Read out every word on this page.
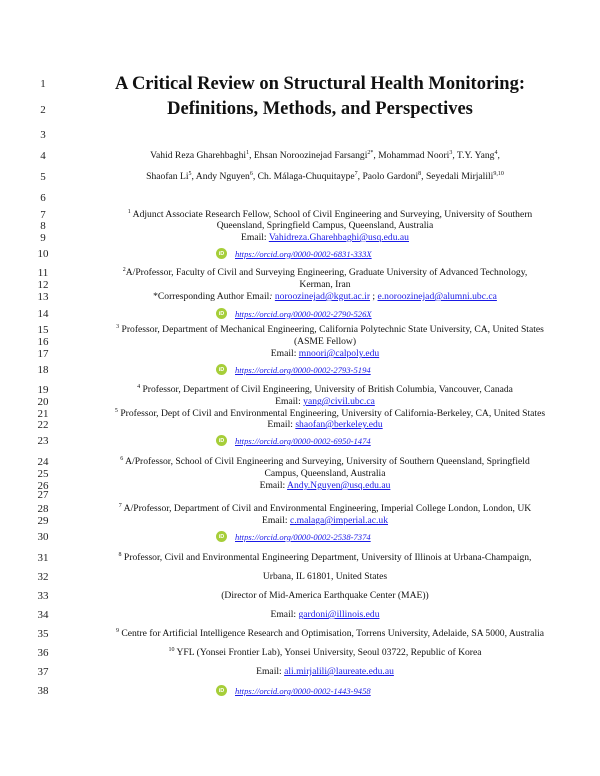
1
2
3
4
5
6
7
8
9
10
11
12
13
14
15
16
17
18
19
20
21
22
23
24
25
26
27
28
29
30
31
32
33
34
35
36
37
38
A Critical Review on Structural Health Monitoring:
Definitions, Methods, and Perspectives
Vahid Reza Gharehbaghi$^1$, Ehsan Noroozinejad Farsangi$^{2*}$, Mohammad Noori$^3$, T.Y. Yang$^4$,
Shaofan Li$^5$, Andy Nguyen$^6$, Ch. Málaga-Chuquitaype$^7$, Paolo Gardoni$^8$, Seyedali Mirjalili$^{9,10}$
$^1$ Adjunct Associate Research Fellow, School of Civil Engineering and Surveying, University of Southern
Queensland, Springfield Campus, Queensland, Australia
Email: Vahidreza.Gharehbaghi@usq.edu.au
iD	https://orcid.org/0000-0002-6831-333X
$^2$A/Professor, Faculty of Civil and Surveying Engineering, Graduate University of Advanced Technology,
Kerman, Iran
*Corresponding Author Email: noroozinejad@kgut.ac.ir ; e.noroozinejad@alumni.ubc.ca
iD	https://orcid.org/0000-0002-2790-526X
$^3$ Professor, Department of Mechanical Engineering, California Polytechnic State University, CA, United States
(ASME Fellow)
Email: mnoori@calpoly.edu
iD	https://orcid.org/0000-0002-2793-5194
$^4$ Professor, Department of Civil Engineering, University of British Columbia, Vancouver, Canada
Email: yang@civil.ubc.ca
$^5$ Professor, Dept of Civil and Environmental Engineering, University of California-Berkeley, CA, United States
Email: shaofan@berkeley.edu
iD	https://orcid.org/0000-0002-6950-1474
$^6$ A/Professor, School of Civil Engineering and Surveying, University of Southern Queensland, Springfield
Campus, Queensland, Australia
Email: Andy.Nguyen@usq.edu.au
$^7$ A/Professor, Department of Civil and Environmental Engineering, Imperial College London, London, UK
Email: c.malaga@imperial.ac.uk
iD	https://orcid.org/0000-0002-2538-7374
$^8$ Professor, Civil and Environmental Engineering Department, University of Illinois at Urbana-Champaign,
Urbana, IL 61801, United States
(Director of Mid-America Earthquake Center (MAE))
Email: gardoni@illinois.edu
$^9$ Centre for Artificial Intelligence Research and Optimisation, Torrens University, Adelaide, SA 5000, Australia
$^{10}$ YFL (Yonsei Frontier Lab), Yonsei University, Seoul 03722, Republic of Korea
Email: ali.mirjalili@laureate.edu.au
iD	https://orcid.org/0000-0002-1443-9458
